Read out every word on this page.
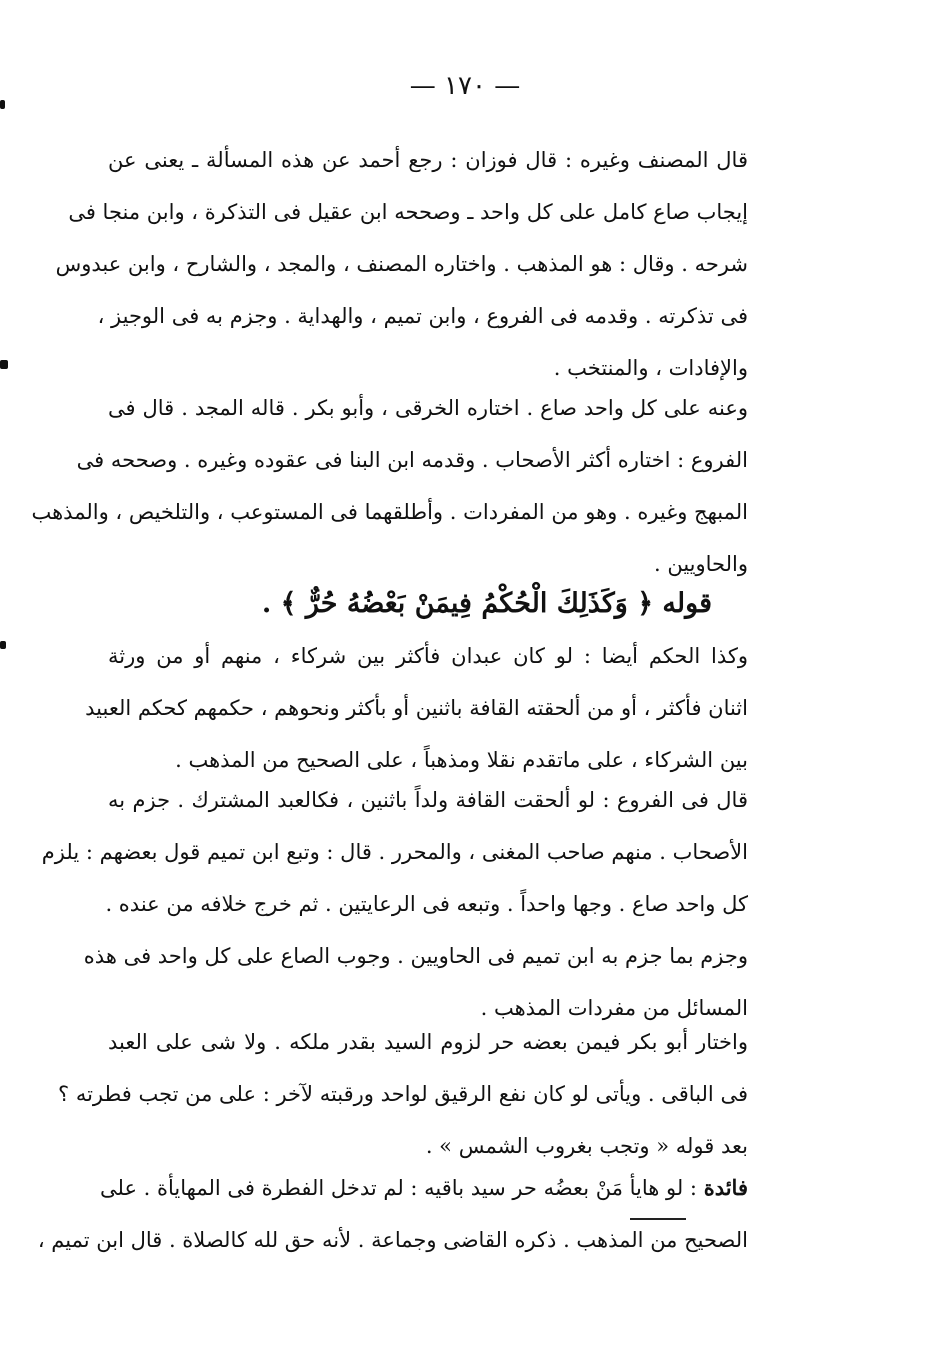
— ١٧٠ —
قال المصنف وغيره : قال فوزان : رجع أحمد عن هذه المسألة ـ يعنى عن
إيجاب صاع كامل على كل واحد ـ وصححه ابن عقيل فى التذكرة ، وابن منجا فى
شرحه . وقال : هو المذهب . واختاره المصنف ، والمجد ، والشارح ، وابن عبدوس
فى تذكرته . وقدمه فى الفروع ، وابن تميم ، والهداية . وجزم به فى الوجيز ،
والإفادات ، والمنتخب .
وعنه على كل واحد صاع . اختاره الخرقى ، وأبو بكر . قاله المجد . قال فى
الفروع : اختاره أكثر الأصحاب . وقدمه ابن البنا فى عقوده وغيره . وصححه فى
المبهج وغيره . وهو من المفردات . وأطلقهما فى المستوعب ، والتلخيص ، والمذهب
والحاويين .
قوله ﴿ وَكَذَلِكَ الْحُكْمُ فِيمَنْ بَعْضُهُ حُرٌّ ﴾ .
وكذا الحكم أيضا : لو كان عبدان فأكثر بين شركاء ، منهم أو من ورثة
اثنان فأكثر ، أو من ألحقته القافة باثنين أو بأكثر ونحوهم ، حكمهم كحكم العبيد
بين الشركاء ، على ماتقدم نقلا ومذهباً ، على الصحيح من المذهب .
قال فى الفروع : لو ألحقت القافة ولداً باثنين ، فكالعبد المشترك . جزم به
الأصحاب . منهم صاحب المغنى ، والمحرر . قال : وتبع ابن تميم قول بعضهم : يلزم
كل واحد صاع . وجها واحداً . وتبعه فى الرعايتين . ثم خرج خلافه من عنده .
وجزم بما جزم به ابن تميم فى الحاويين . وجوب الصاع على كل واحد فى هذه
المسائل من مفردات المذهب .
واختار أبو بكر فيمن بعضه حر لزوم السيد بقدر ملكه . ولا شى على العبد
فى الباقى . ويأتى لو كان نفع الرقيق لواحد ورقبته لآخر : على من تجب فطرته ؟
بعد قوله « وتجب بغروب الشمس » .
فائدة : لو هايأ مَنْ بعضُه حر سيد باقيه : لم تدخل الفطرة فى المهايأة . على
الصحيح من المذهب . ذكره القاضى وجماعة . لأنه حق لله كالصلاة . قال ابن تميم ،
